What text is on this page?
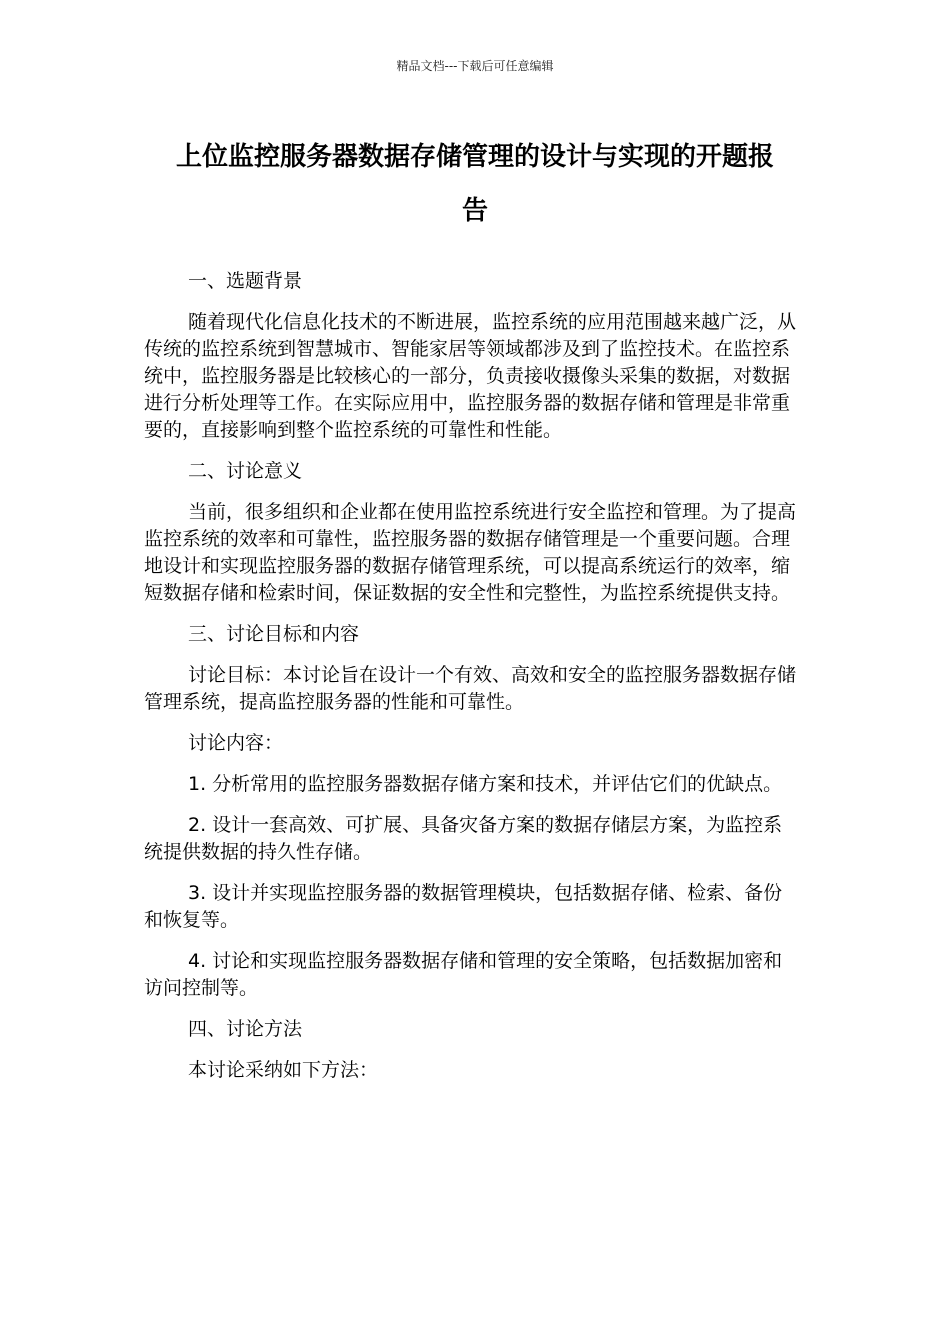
精品文档---下载后可任意编辑
上位监控服务器数据存储管理的设计与实现的开题报
告

一、选题背景

随着现代化信息化技术的不断进展，监控系统的应用范围越来越广泛，从传统的监控系统到智慧城市、智能家居等领域都涉及到了监控技术。在监控系统中，监控服务器是比较核心的一部分，负责接收摄像头采集的数据，对数据进行分析处理等工作。在实际应用中，监控服务器的数据存储和管理是非常重要的，直接影响到整个监控系统的可靠性和性能。

二、讨论意义

当前，很多组织和企业都在使用监控系统进行安全监控和管理。为了提高监控系统的效率和可靠性，监控服务器的数据存储管理是一个重要问题。合理地设计和实现监控服务器的数据存储管理系统，可以提高系统运行的效率，缩短数据存储和检索时间，保证数据的安全性和完整性，为监控系统提供支持。

三、讨论目标和内容

讨论目标：本讨论旨在设计一个有效、高效和安全的监控服务器数据存储管理系统，提高监控服务器的性能和可靠性。

讨论内容：

1. 分析常用的监控服务器数据存储方案和技术，并评估它们的优缺点。

2. 设计一套高效、可扩展、具备灾备方案的数据存储层方案，为监控系统提供数据的持久性存储。

3. 设计并实现监控服务器的数据管理模块，包括数据存储、检索、备份和恢复等。

4. 讨论和实现监控服务器数据存储和管理的安全策略，包括数据加密和访问控制等。

四、讨论方法

本讨论采纳如下方法：
